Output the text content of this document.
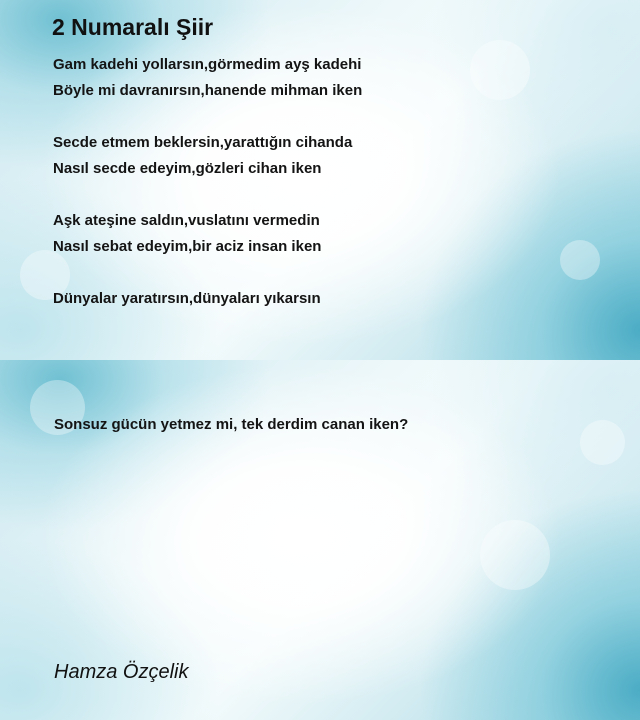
2 Numaralı Şiir

Gam kadehi yollarsın,görmedim ayş kadehi
Böyle mi davranırsın,hanende mihman iken

Secde etmem beklersin,yarattığın cihanda
Nasıl secde edeyim,gözleri cihan iken

Aşk ateşine saldın,vuslatını vermedin
Nasıl sebat edeyim,bir aciz insan iken

Dünyalar yaratırsın,dünyaları yıkarsın

Sonsuz gücün yetmez mi, tek derdim canan iken?
Hamza Özçelik
